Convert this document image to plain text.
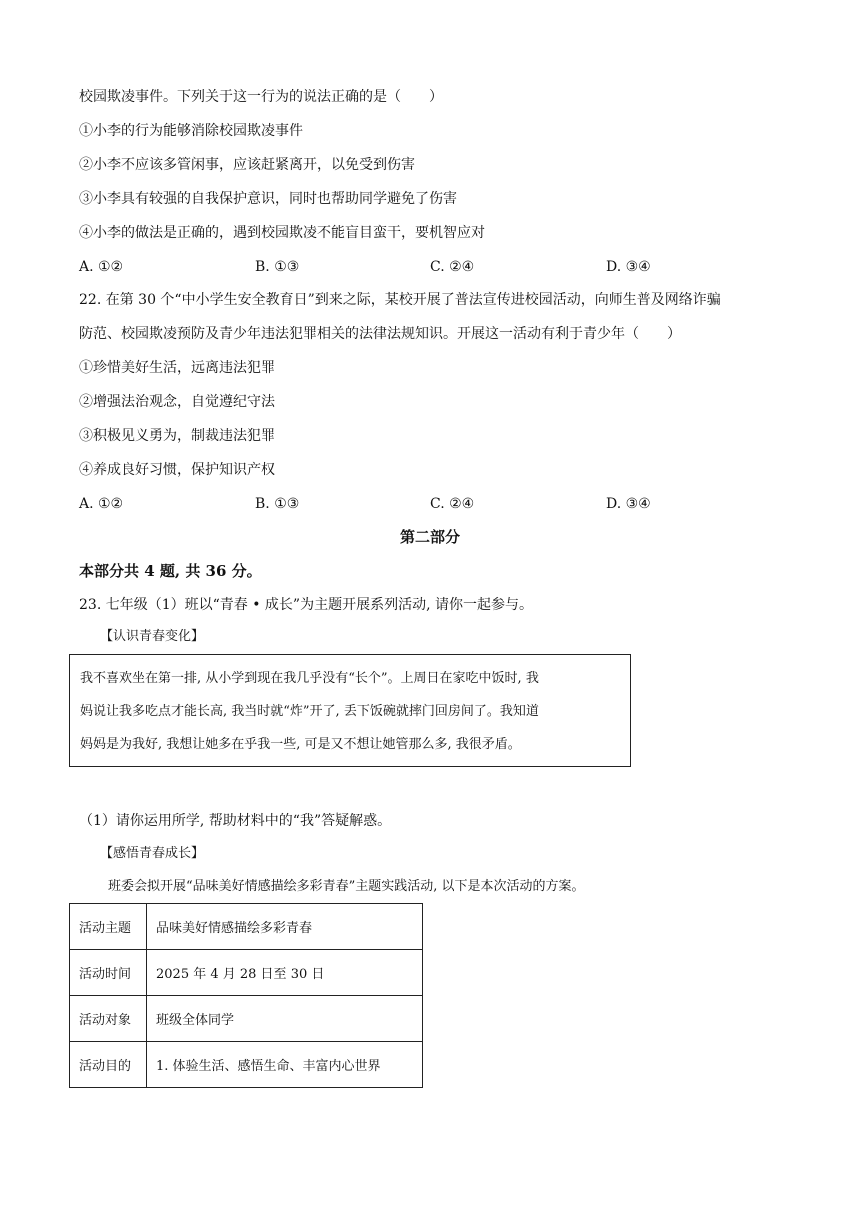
校园欺凌事件。下列关于这一行为的说法正确的是（　　）
①小李的行为能够消除校园欺凌事件
②小李不应该多管闲事，应该赶紧离开，以免受到伤害
③小李具有较强的自我保护意识，同时也帮助同学避免了伤害
④小李的做法是正确的，遇到校园欺凌不能盲目蛮干，要机智应对
A. ①②	B. ①③	C. ②④	D. ③④
22. 在第 30 个“中小学生安全教育日”到来之际，某校开展了普法宣传进校园活动，向师生普及网络诈骗
防范、校园欺凌预防及青少年违法犯罪相关的法律法规知识。开展这一活动有利于青少年（　　）
①珍惜美好生活，远离违法犯罪
②增强法治观念，自觉遵纪守法
③积极见义勇为，制裁违法犯罪
④养成良好习惯，保护知识产权
A. ①②	B. ①③	C. ②④	D. ③④
第二部分
本部分共 4 题, 共 36 分。
23. 七年级（1）班以“青春 • 成长”为主题开展系列活动, 请你一起参与。
【认识青春变化】
我不喜欢坐在第一排, 从小学到现在我几乎没有“长个”。上周日在家吃中饭时, 我
妈说让我多吃点才能长高, 我当时就“炸”开了, 丢下饭碗就摔门回房间了。我知道
妈妈是为我好, 我想让她多在乎我一些, 可是又不想让她管那么多, 我很矛盾。
（1）请你运用所学, 帮助材料中的“我”答疑解惑。
【感悟青春成长】
班委会拟开展“品味美好情感描绘多彩青春”主题实践活动, 以下是本次活动的方案。
活动主题	品味美好情感描绘多彩青春
活动时间	2025 年 4 月 28 日至 30 日
活动对象	班级全体同学
活动目的	1. 体验生活、感悟生命、丰富内心世界
